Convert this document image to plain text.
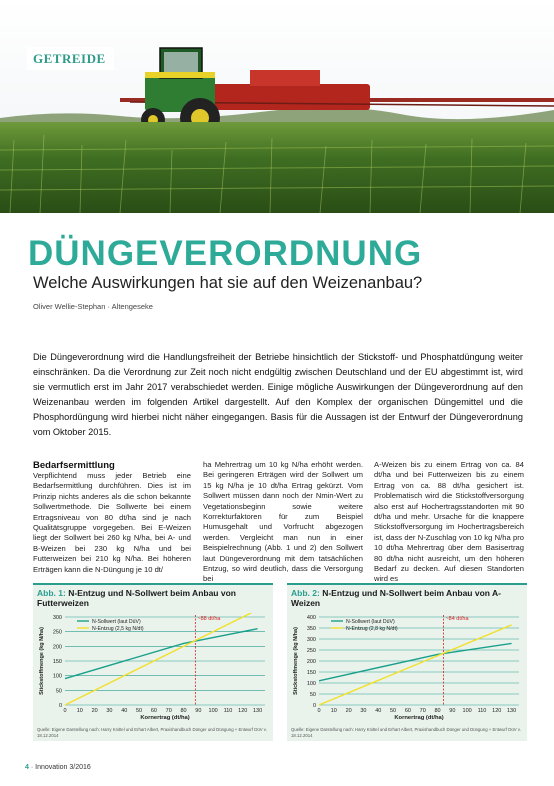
GETREIDE
DÜNGEVERORDNUNG
Welche Auswirkungen hat sie auf den Weizenanbau?
Oliver Wellie-Stephan · Altengeseke
Die Düngeverordnung wird die Handlungsfreiheit der Betriebe hinsichtlich der Stickstoff- und Phosphatdüngung weiter einschränken. Da die Verordnung zur Zeit noch nicht endgültig zwischen Deutschland und der EU abgestimmt ist, wird sie vermutlich erst im Jahr 2017 verabschiedet werden. Einige mögliche Auswirkungen der Düngeverordnung auf den Weizenanbau werden im folgenden Artikel dargestellt. Auf den Komplex der organischen Düngemittel und die Phosphordüngung wird hierbei nicht näher eingegangen. Basis für die Aussagen ist der Entwurf der Düngeverordnung vom Oktober 2015.
Bedarfsermittlung
Verpflichtend muss jeder Betrieb eine Bedarfsermittlung durchführen. Dies ist im Prinzip nichts anderes als die schon bekannte Sollwertmethode. Die Sollwerte bei einem Ertragsniveau von 80 dt/ha sind je nach Qualitätsgruppe vorgegeben. Bei E-Weizen liegt der Sollwert bei 260 kg N/ha, bei A- und B-Weizen bei 230 kg N/ha und bei Futterweizen bei 210 kg N/ha. Bei höheren Erträgen kann die N-Düngung je 10 dt/
ha Mehrertrag um 10 kg N/ha erhöht werden. Bei geringeren Erträgen wird der Sollwert um 15 kg N/ha je 10 dt/ha Ertrag gekürzt. Vom Sollwert müssen dann noch der Nmin-Wert zu Vegetationsbeginn sowie weitere Korrekturfaktoren für zum Beispiel Humusgehalt und Vorfrucht abgezogen werden. Vergleicht man nun in einer Beispielrechnung (Abb. 1 und 2) den Sollwert laut Düngeverordnung mit dem tatsächlichen Entzug, so wird deutlich, dass die Versorgung bei
A-Weizen bis zu einem Ertrag von ca. 84 dt/ha und bei Futterweizen bis zu einem Ertrag von ca. 88 dt/ha gesichert ist. Problematisch wird die Stickstoffversorgung also erst auf Hochertragsstandorten mit 90 dt/ha und mehr. Ursache für die knappere Stickstoffversorgung im Hochertragsbereich ist, dass der N-Zuschlag von 10 kg N/ha pro 10 dt/ha Mehrertrag über dem Basisertrag 80 dt/ha nicht ausreicht, um den höheren Bedarf zu decken. Auf diesen Standorten wird es
Abb. 1: N-Entzug und N-Sollwert beim Anbau von Futterweizen
0
50
100
150
200
250
300
0 10 20 30 40 50 60 70 80 90 100 110 120 130
Kornertrag (dt/ha)
Stickstoffmenge (kg N/ha)
~88 dt/ha
N-Sollwert (laut DüV)
N-Entzug (2,5 kg N/dt)
Quelle: Eigene Darstellung nach: Harry Knittel und Erhart Albert, Praxishandbuch Dünger und Düngung + Entwurf DüV v. 18.12.2014
Abb. 2: N-Entzug und N-Sollwert beim Anbau von A-Weizen
0
50
100
150
200
250
300
350
400
0 10 20 30 40 50 60 70 80 90 100 110 120 130
Kornertrag (dt/ha)
Stickstoffmenge (kg N/ha)
~84 dt/ha
N-Sollwert (laut DüV)
N-Entzug (2,8 kg N/dt)
Quelle: Eigene Darstellung nach: Harry Knittel und Erhart Albert, Praxishandbuch Dünger und Düngung + Entwurf DüV v. 18.12.2014
4 · Innovation 3/2016
